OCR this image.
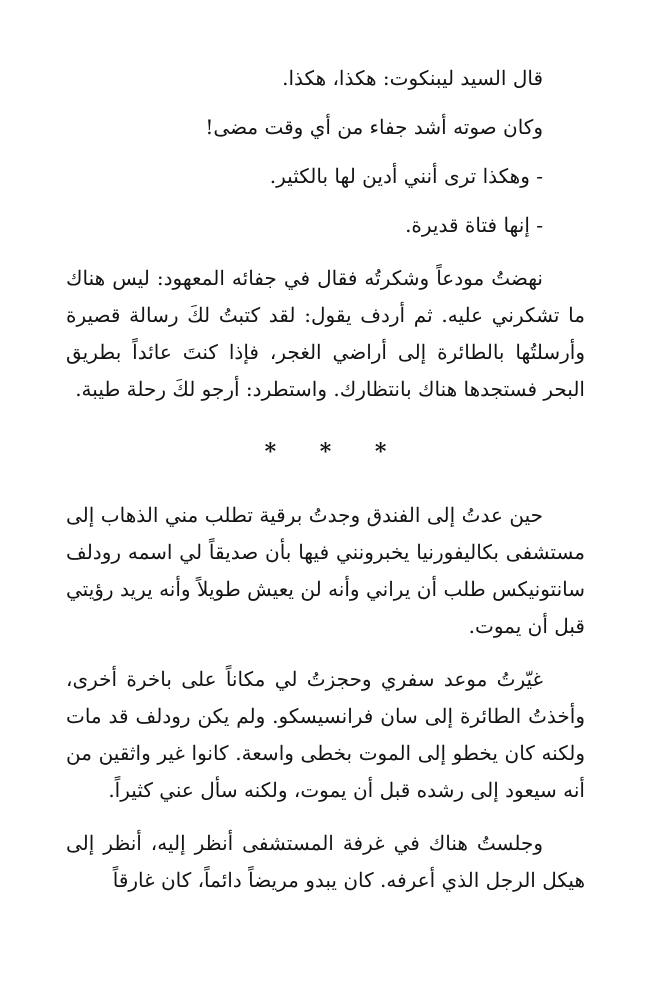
قال السيد ليبنكوت: هكذا، هكذا.

وكان صوته أشد جفاء من أي وقت مضى!

- وهكذا ترى أنني أدين لها بالكثير.

- إنها فتاة قديرة.

نهضتُ مودعاً وشكرتُه فقال في جفائه المعهود: ليس هناك ما تشكرني عليه. ثم أردف يقول: لقد كتبتُ لكَ رسالة قصيرة وأرسلتُها بالطائرة إلى أراضي الغجر، فإذا كنتَ عائداً بطريق البحر فستجدها هناك بانتظارك. واستطرد: أرجو لكَ رحلة طيبة.

* * *

حين عدتُ إلى الفندق وجدتُ برقية تطلب مني الذهاب إلى مستشفى بكاليفورنيا يخبرونني فيها بأن صديقاً لي اسمه رودلف سانتونيكس طلب أن يراني وأنه لن يعيش طويلاً وأنه يريد رؤيتي قبل أن يموت.

غيّرتُ موعد سفري وحجزتُ لي مكاناً على باخرة أخرى، وأخذتُ الطائرة إلى سان فرانسيسكو. ولم يكن رودلف قد مات ولكنه كان يخطو إلى الموت بخطى واسعة. كانوا غير واثقين من أنه سيعود إلى رشده قبل أن يموت، ولكنه سأل عني كثيراً.

وجلستُ هناك في غرفة المستشفى أنظر إليه، أنظر إلى هيكل الرجل الذي أعرفه. كان يبدو مريضاً دائماً، كان غارقاً
